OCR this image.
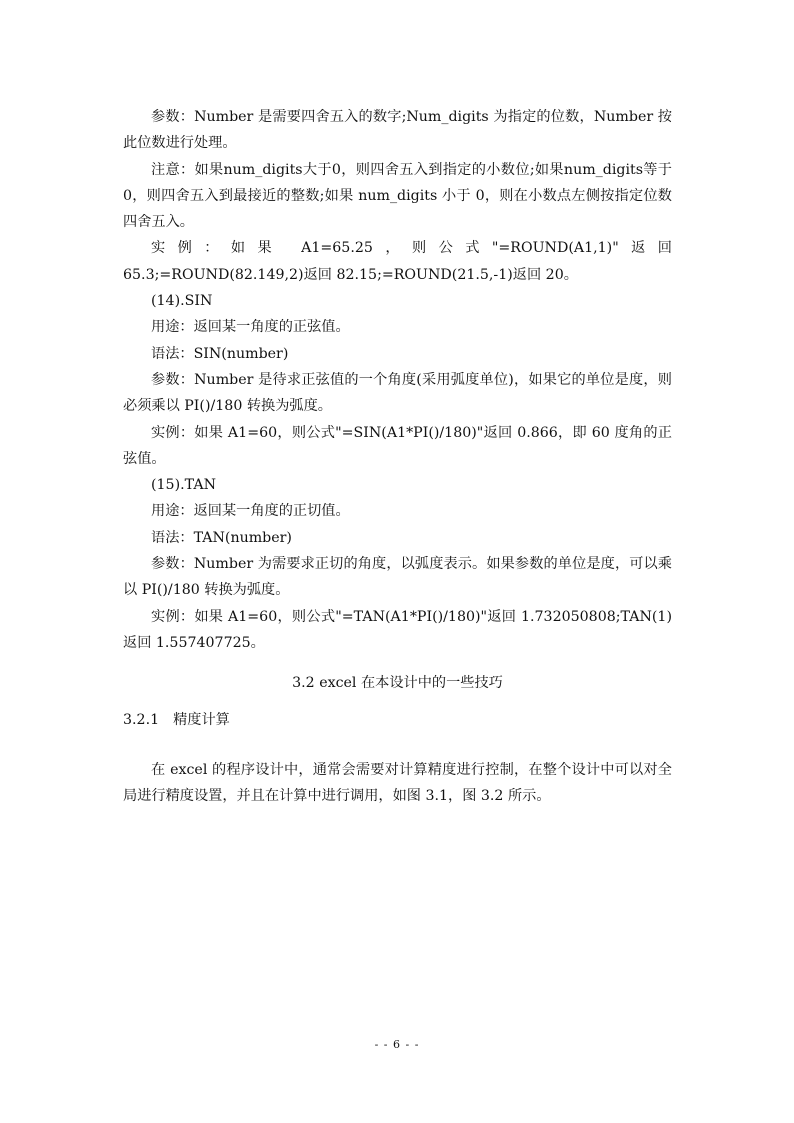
参数：Number 是需要四舍五入的数字;Num_digits 为指定的位数，Number 按此位数进行处理。

注意：如果num_digits大于0，则四舍五入到指定的小数位;如果num_digits等于0，则四舍五入到最接近的整数;如果 num_digits 小于 0，则在小数点左侧按指定位数四舍五入。

实例：如果 A1=65.25，则公式"=ROUND(A1,1)"返回 65.3;=ROUND(82.149,2)返回 82.15;=ROUND(21.5,-1)返回 20。

(14).SIN

用途：返回某一角度的正弦值。

语法：SIN(number)

参数：Number 是待求正弦值的一个角度(采用弧度单位)，如果它的单位是度，则必须乘以 PI()/180 转换为弧度。

实例：如果 A1=60，则公式"=SIN(A1*PI()/180)"返回 0.866，即 60 度角的正弦值。

(15).TAN

用途：返回某一角度的正切值。

语法：TAN(number)

参数：Number 为需要求正切的角度，以弧度表示。如果参数的单位是度，可以乘以 PI()/180 转换为弧度。

实例：如果 A1=60，则公式"=TAN(A1*PI()/180)"返回 1.732050808;TAN(1)返回 1.557407725。

3.2 excel 在本设计中的一些技巧
3.2.1 精度计算

在 excel 的程序设计中，通常会需要对计算精度进行控制，在整个设计中可以对全局进行精度设置，并且在计算中进行调用，如图 3.1，图 3.2 所示。

- - 6 - -
